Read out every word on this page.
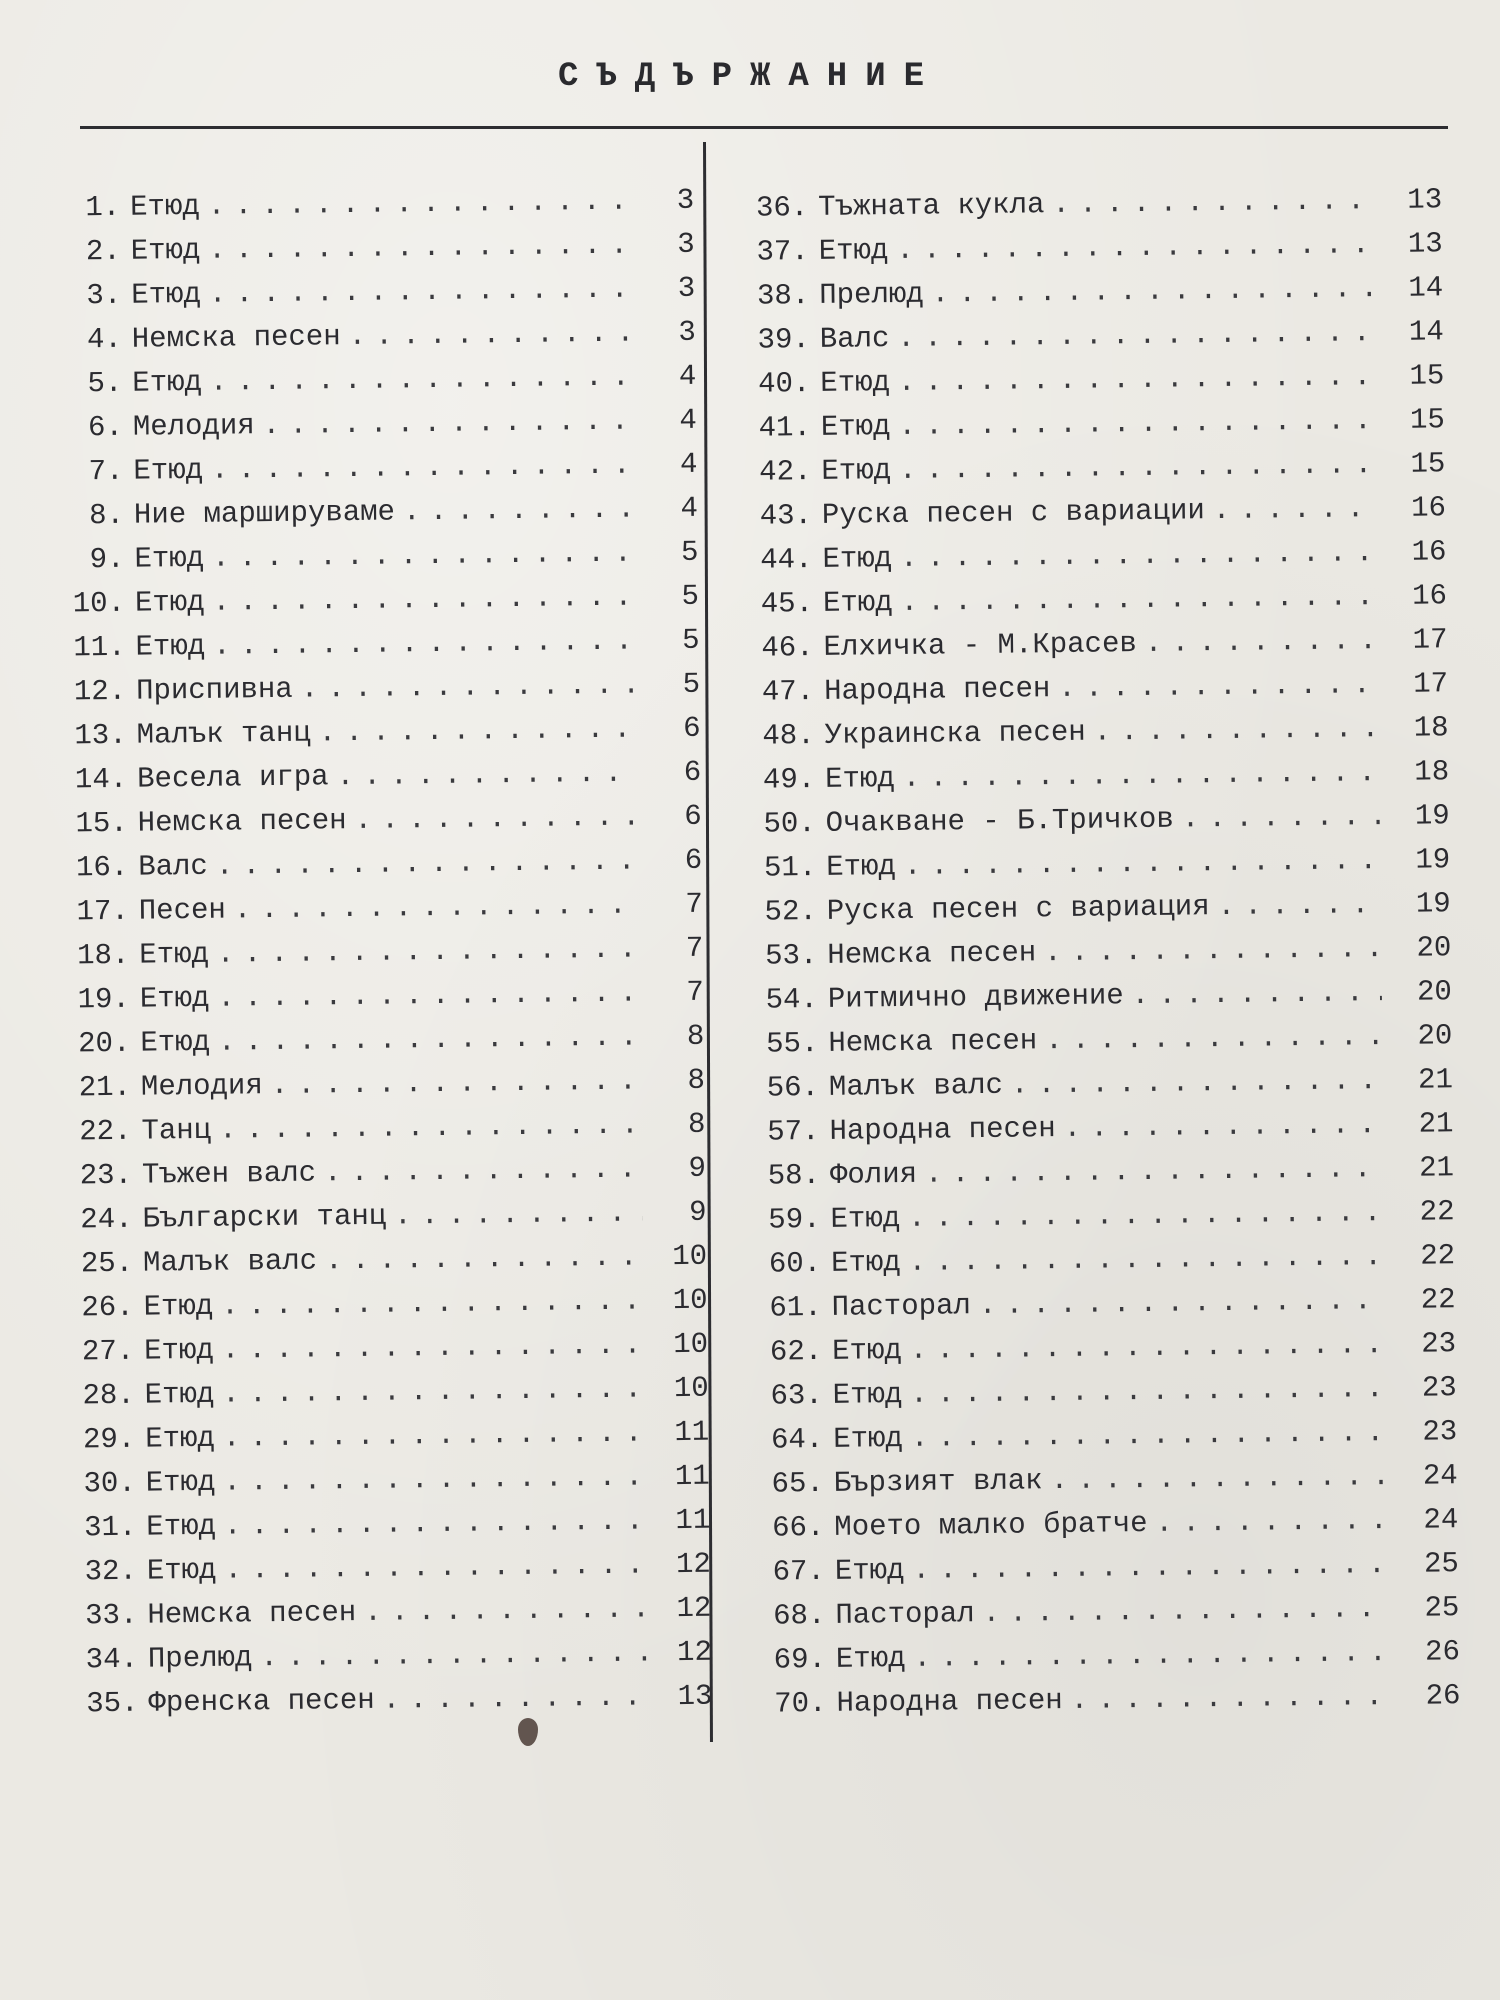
СЪДЪРЖАНИЕ
1. Етюд . . .	3
2. Етюд . . .	3
3. Етюд . . .	3
4. Немска песен . . .	3
5. Етюд . . .	4
6. Мелодия . . .	4
7. Етюд . . .	4
8. Ние маршируваме . . .	4
9. Етюд . . .	5
10. Етюд . . .	5
11. Етюд . . .	5
12. Приспивна . . .	5
13. Малък танц . . .	6
14. Весела игра . . .	6
15. Немска песен . . .	6
16. Валс . . .	6
17. Песен . . .	7
18. Етюд . . .	7
19. Етюд . . .	7
20. Етюд . . .	8
21. Мелодия . . .	8
22. Танц . . .	8
23. Тъжен валс . . .	9
24. Български танц . . .	9
25. Малък валс . . .	10
26. Етюд . . .	10
27. Етюд . . .	10
28. Етюд . . .	10
29. Етюд . . .	11
30. Етюд . . .	11
31. Етюд . . .	11
32. Етюд . . .	12
33. Немска песен . . .	12
34. Прелюд . . .	12
35. Френска песен . . .	13
36. Тъжната кукла . . .	13
37. Етюд . . .	13
38. Прелюд . . .	14
39. Валс . . .	14
40. Етюд . . .	15
41. Етюд . . .	15
42. Етюд . . .	15
43. Руска песен с вариации . . .	16
44. Етюд . . .	16
45. Етюд . . .	16
46. Елхичка - М.Красев . . .	17
47. Народна песен . . .	17
48. Украинска песен . . .	18
49. Етюд . . .	18
50. Очакване - Б.Тричков . . .	19
51. Етюд . . .	19
52. Руска песен с вариация . . .	19
53. Немска песен . . .	20
54. Ритмично движение . . .	20
55. Немска песен . . .	20
56. Малък валс . . .	21
57. Народна песен . . .	21
58. Фолия . . .	21
59. Етюд . . .	22
60. Етюд . . .	22
61. Пасторал . . .	22
62. Етюд . . .	23
63. Етюд . . .	23
64. Етюд . . .	23
65. Бързият влак . . .	24
66. Моето малко братче . . .	24
67. Етюд . . .	25
68. Пасторал . . .	25
69. Етюд . . .	26
70. Народна песен . . .	26
